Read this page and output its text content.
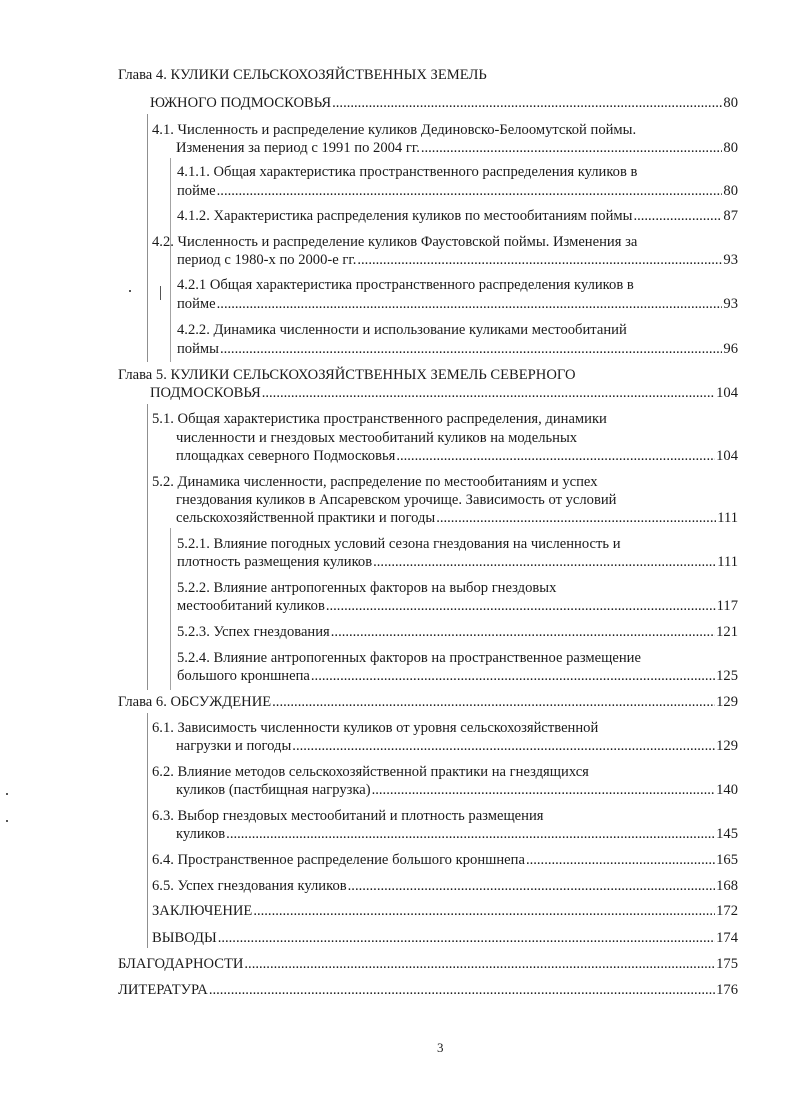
Глава 4. КУЛИКИ СЕЛЬСКОХОЗЯЙСТВЕННЫХ ЗЕМЕЛЬ
ЮЖНОГО ПОДМОСКОВЬЯ .....	80
4.1. Численность и распределение куликов Дединовско-Белоомутской поймы.
Изменения за период с 1991 по 2004 гг. .....	80
4.1.1. Общая характеристика пространственного распределения куликов в
пойме .....	80
4.1.2. Характеристика распределения куликов по местообитаниям поймы .....	87
4.2. Численность и распределение куликов Фаустовской поймы. Изменения за
период с 1980-х по 2000-е гг. .....	93
4.2.1 Общая характеристика пространственного распределения куликов в
пойме .....	93
4.2.2. Динамика численности и использование куликами местообитаний
поймы .....	96
Глава 5. КУЛИКИ СЕЛЬСКОХОЗЯЙСТВЕННЫХ ЗЕМЕЛЬ СЕВЕРНОГО
ПОДМОСКОВЬЯ .....	104
5.1. Общая характеристика пространственного распределения, динамики
численности и гнездовых местообитаний куликов на модельных
площадках северного Подмосковья .....	104
5.2. Динамика численности, распределение по местообитаниям и успех
гнездования куликов в Апсаревском урочище. Зависимость от условий
сельскохозяйственной практики и погоды .....	111
5.2.1. Влияние погодных условий сезона гнездования на численность и
плотность размещения куликов .....	111
5.2.2. Влияние антропогенных факторов на выбор гнездовых
местообитаний куликов .....	117
5.2.3. Успех гнездования .....	121
5.2.4. Влияние антропогенных факторов на пространственное размещение
большого кроншнепа .....	125
Глава 6. ОБСУЖДЕНИЕ .....	129
6.1. Зависимость численности куликов от уровня сельскохозяйственной
нагрузки и погоды .....	129
6.2. Влияние методов сельскохозяйственной практики на гнездящихся
куликов (пастбищная нагрузка) .....	140
6.3. Выбор гнездовых местообитаний и плотность размещения
куликов .....	145
6.4. Пространственное распределение большого кроншнепа .....	165
6.5. Успех гнездования куликов .....	168
ЗАКЛЮЧЕНИЕ .....	172
ВЫВОДЫ .....	174
БЛАГОДАРНОСТИ .....	175
ЛИТЕРАТУРА .....	176
3
